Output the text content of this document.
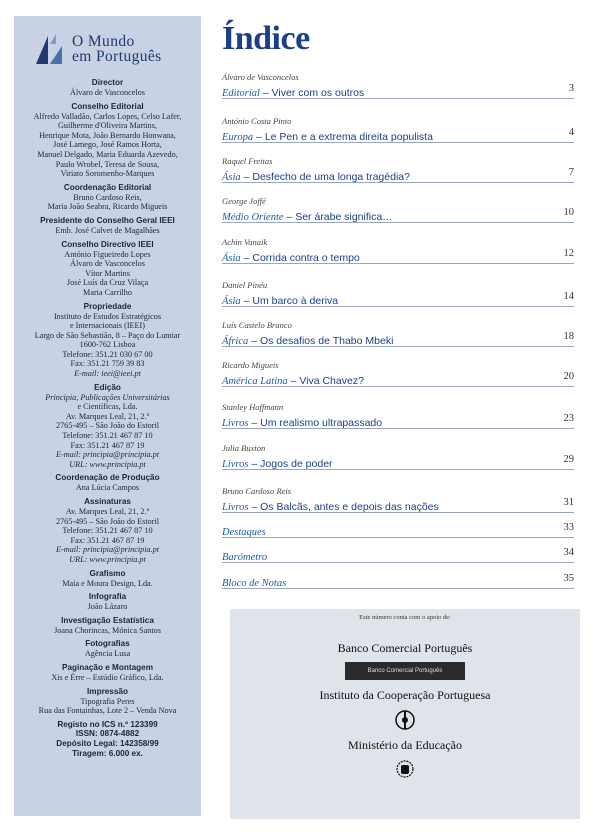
O Mundo
em Português
Director
Álvaro de Vasconcelos
Conselho Editorial
Alfredo Valladão, Carlos Lopes, Celso Lafer,
Guilherme d'Oliveira Martins,
Henrique Mota, João Bernardo Honwana,
José Lamego, José Ramos Horta,
Manuel Delgado, Maria Eduarda Azevedo,
Paulo Wrobel, Teresa de Sousa,
Viriato Soromenho-Marques
Coordenação Editorial
Bruno Cardoso Reis,
Maria João Seabra, Ricardo Migueis
Presidente do Conselho Geral IEEI
Emb. José Calvet de Magalhães
Conselho Directivo IEEI
António Figueiredo Lopes
Álvaro de Vasconcelos
Vítor Martins
José Luís da Cruz Vilaça
Maria Carrilho
Propriedade
Instituto de Estudos Estratégicos
e Internacionais (IEEI)
Largo de São Sebastião, 8 – Paço do Lumiar
1600-762 Lisboa
Telefone: 351.21 030 67 00
Fax: 351.21 759 39 83
E-mail: ieei@ieei.pt
Edição
Principia, Publicações Universitárias
e Científicas, Lda.
Av. Marques Leal, 21, 2.º
2765-495 – São João do Estoril
Telefone: 351.21 467 87 10
Fax: 351.21 467 87 19
E-mail: principia@principia.pt
URL: www.principia.pt
Coordenação de Produção
Ana Lúcia Campos
Assinaturas
Av. Marques Leal, 21, 2.º
2765-495 – São João do Estoril
Telefone: 351.21 467 87 10
Fax: 351.21 467 87 19
E-mail: principia@principia.pt
URL: www.principia.pt
Grafismo
Maia e Moura Design, Lda.
Infografia
João Lázaro
Investigação Estatística
Joana Chorincas, Mónica Santos
Fotografias
Agência Lusa
Paginação e Montagem
Xis e Érre – Estúdio Gráfico, Lda.
Impressão
Tipografia Peres
Rua das Fontainhas, Lote 2 – Venda Nova
Registo no ICS n.º 123399
ISSN: 0874-4882
Depósito Legal: 142358/99
Tiragem: 6.000 ex.
Índice
Álvaro de Vasconcelos
Editorial – Viver com os outros	3
António Costa Pinto
Europa – Le Pen e a extrema direita populista	4
Raquel Freitas
Ásia – Desfecho de uma longa tragédia?	7
George Joffé
Médio Oriente – Ser árabe significa…	10
Achin Vanaik
Ásia – Corrida contra o tempo	12
Daniel Pinéu
Ásia – Um barco à deriva	14
Luís Castelo Branco
África – Os desafios de Thabo Mbeki	18
Ricardo Migueis
América Latina – Viva Chavez?	20
Stanley Hoffmann
Livros – Um realismo ultrapassado	23
Julia Buxton
Livros – Jogos de poder	29
Bruno Cardoso Reis
Livros – Os Balcãs, antes e depois das nações	31
Destaques	33
Barómetro	34
Bloco de Notas	35
Este número conta com o apoio de:
Banco Comercial Português
Banco Comercial Português
Instituto da Cooperação Portuguesa
Ministério da Educação
